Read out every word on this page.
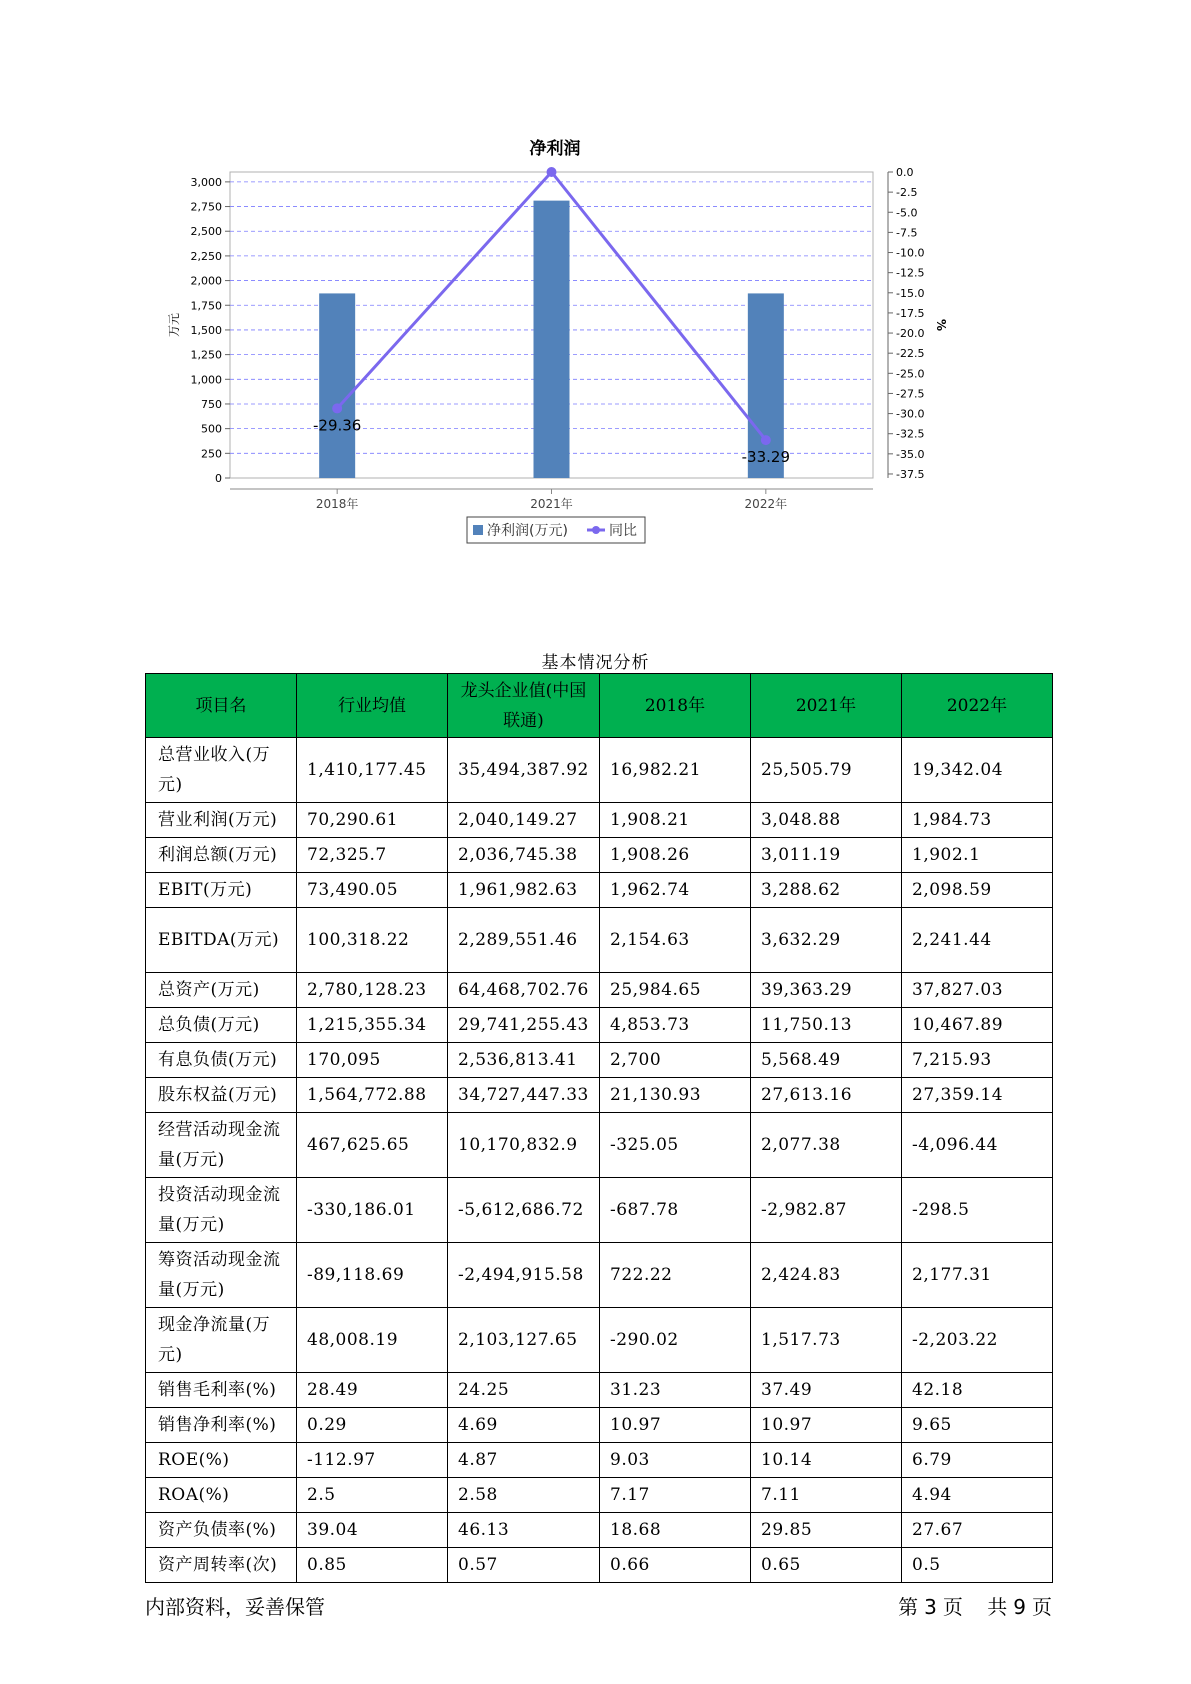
净利润
0
250
500
750
1,000
1,250
1,500
1,750
2,000
2,250
2,500
2,750
3,000
万元
0.0
-2.5
-5.0
-7.5
-10.0
-12.5
-15.0
-17.5
-20.0
-22.5
-25.0
-27.5
-30.0
-32.5
-35.0
-37.5
%
2018年	2021年	2022年
-29.36
-33.29
净利润(万元)	同比
基本情况分析
项目名	行业均值	龙头企业值(中国联通)	2018年	2021年	2022年
总营业收入(万元)	1,410,177.45	35,494,387.92	16,982.21	25,505.79	19,342.04
营业利润(万元)	70,290.61	2,040,149.27	1,908.21	3,048.88	1,984.73
利润总额(万元)	72,325.7	2,036,745.38	1,908.26	3,011.19	1,902.1
EBIT(万元)	73,490.05	1,961,982.63	1,962.74	3,288.62	2,098.59
EBITDA(万元)	100,318.22	2,289,551.46	2,154.63	3,632.29	2,241.44
总资产(万元)	2,780,128.23	64,468,702.76	25,984.65	39,363.29	37,827.03
总负债(万元)	1,215,355.34	29,741,255.43	4,853.73	11,750.13	10,467.89
有息负债(万元)	170,095	2,536,813.41	2,700	5,568.49	7,215.93
股东权益(万元)	1,564,772.88	34,727,447.33	21,130.93	27,613.16	27,359.14
经营活动现金流量(万元)	467,625.65	10,170,832.9	-325.05	2,077.38	-4,096.44
投资活动现金流量(万元)	-330,186.01	-5,612,686.72	-687.78	-2,982.87	-298.5
筹资活动现金流量(万元)	-89,118.69	-2,494,915.58	722.22	2,424.83	2,177.31
现金净流量(万元)	48,008.19	2,103,127.65	-290.02	1,517.73	-2,203.22
销售毛利率(%)	28.49	24.25	31.23	37.49	42.18
销售净利率(%)	0.29	4.69	10.97	10.97	9.65
ROE(%)	-112.97	4.87	9.03	10.14	6.79
ROA(%)	2.5	2.58	7.17	7.11	4.94
资产负债率(%)	39.04	46.13	18.68	29.85	27.67
资产周转率(次)	0.85	0.57	0.66	0.65	0.5
内部资料，妥善保管	第 3 页 共 9 页
